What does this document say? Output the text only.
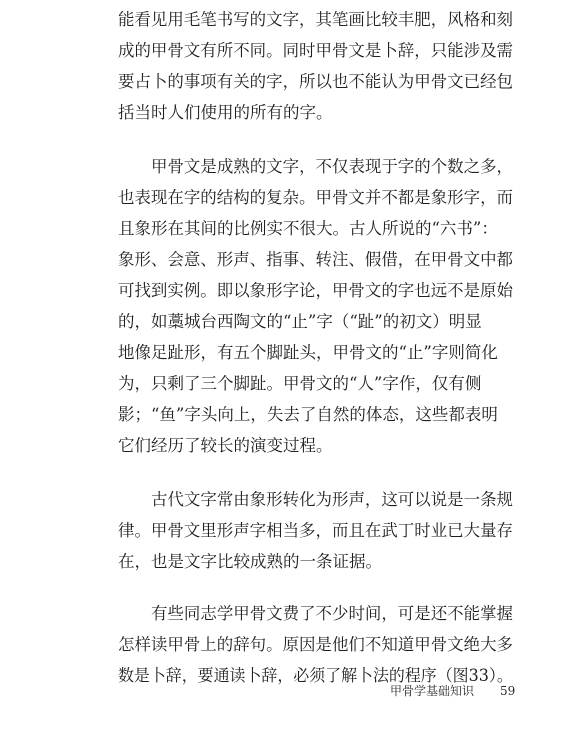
能看见用毛笔书写的文字，其笔画比较丰肥，风格和刻
成的甲骨文有所不同。同时甲骨文是卜辞，只能涉及需
要占卜的事项有关的字，所以也不能认为甲骨文已经包
括当时人们使用的所有的字。
甲骨文是成熟的文字，不仅表现于字的个数之多，
也表现在字的结构的复杂。甲骨文并不都是象形字，而
且象形在其间的比例实不很大。古人所说的“六书”：
象形、会意、形声、指事、转注、假借，在甲骨文中都
可找到实例。即以象形字论，甲骨文的字也远不是原始
的，如藁城台西陶文的“止”字（“趾”的初文）明显
地像足趾形，有五个脚趾头，甲骨文的“止”字则简化
为，只剩了三个脚趾。甲骨文的“人”字作，仅有侧
影；“鱼”字头向上，失去了自然的体态，这些都表明
它们经历了较长的演变过程。
古代文字常由象形转化为形声，这可以说是一条规
律。甲骨文里形声字相当多，而且在武丁时业已大量存
在，也是文字比较成熟的一条证据。
有些同志学甲骨文费了不少时间，可是还不能掌握
怎样读甲骨上的辞句。原因是他们不知道甲骨文绝大多
数是卜辞，要通读卜辞，必须了解卜法的程序（图33）。
甲骨学基础知识 59
